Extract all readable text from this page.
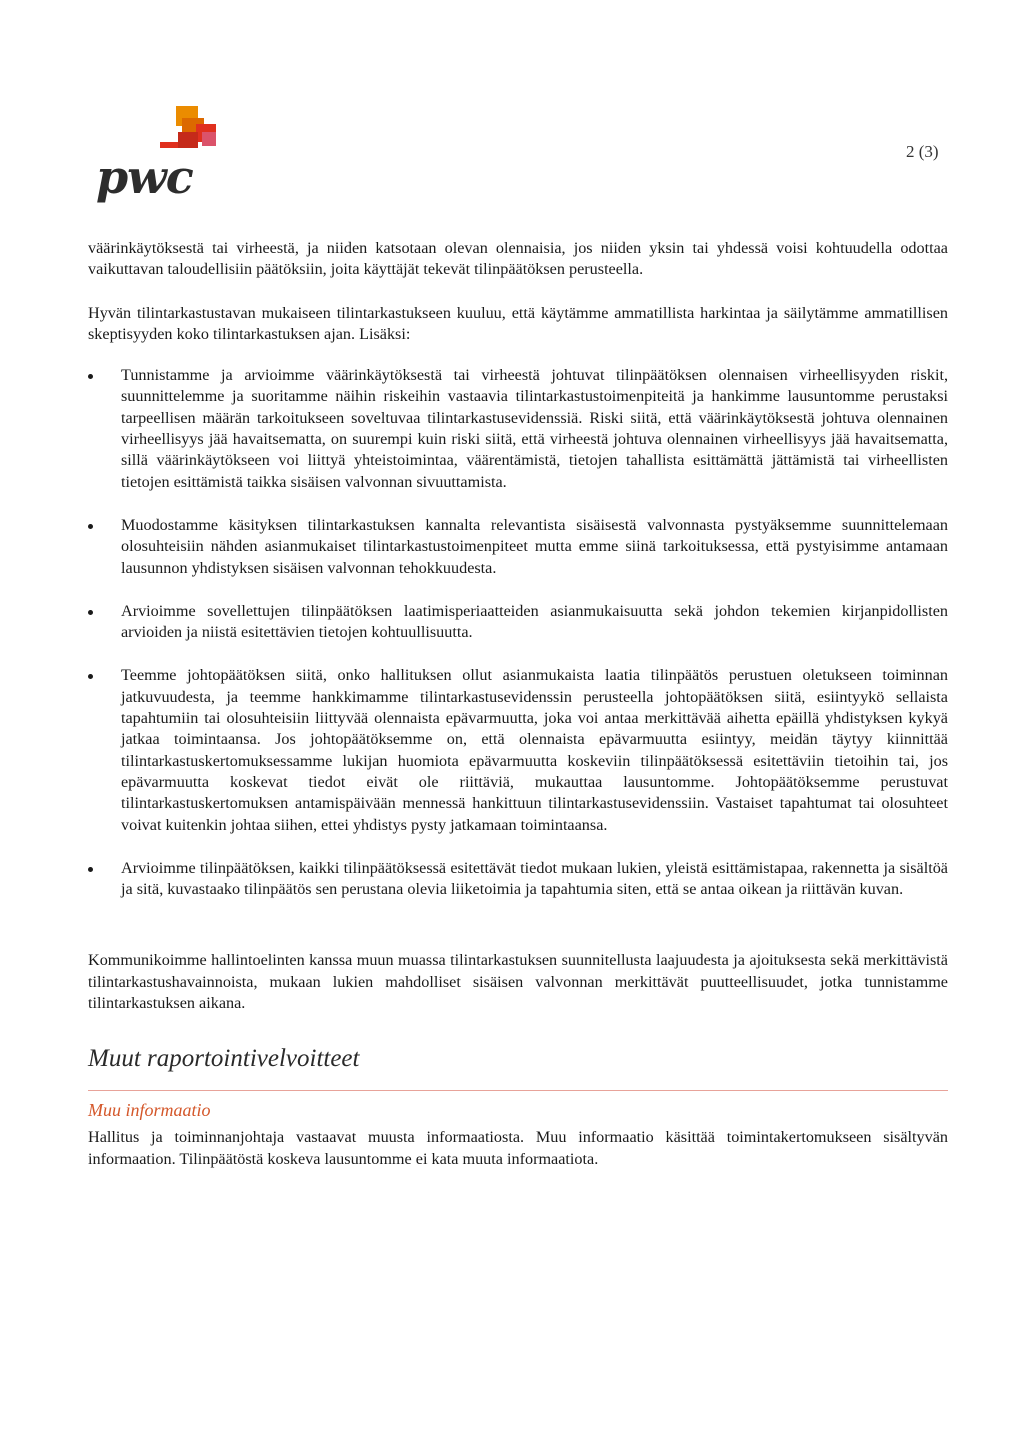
pwc	2 (3)

väärinkäytöksestä tai virheestä, ja niiden katsotaan olevan olennaisia, jos niiden yksin tai yhdessä voisi kohtuudella odottaa vaikuttavan taloudellisiin päätöksiin, joita käyttäjät tekevät tilinpäätöksen perusteella.

Hyvän tilintarkastustavan mukaiseen tilintarkastukseen kuuluu, että käytämme ammatillista harkintaa ja säilytämme ammatillisen skeptisyyden koko tilintarkastuksen ajan. Lisäksi:

Tunnistamme ja arvioimme väärinkäytöksestä tai virheestä johtuvat tilinpäätöksen olennaisen virheellisyyden riskit, suunnittelemme ja suoritamme näihin riskeihin vastaavia tilintarkastustoimenpiteitä ja hankimme lausuntomme perustaksi tarpeellisen määrän tarkoitukseen soveltuvaa tilintarkastusevidenssiä. Riski siitä, että väärinkäytöksestä johtuva olennainen virheellisyys jää havaitsematta, on suurempi kuin riski siitä, että virheestä johtuva olennainen virheellisyys jää havaitsematta, sillä väärinkäytökseen voi liittyä yhteistoimintaa, väärentämistä, tietojen tahallista esittämättä jättämistä tai virheellisten tietojen esittämistä taikka sisäisen valvonnan sivuuttamista.
Muodostamme käsityksen tilintarkastuksen kannalta relevantista sisäisestä valvonnasta pystyäksemme suunnittelemaan olosuhteisiin nähden asianmukaiset tilintarkastustoimenpiteet mutta emme siinä tarkoituksessa, että pystyisimme antamaan lausunnon yhdistyksen sisäisen valvonnan tehokkuudesta.
Arvioimme sovellettujen tilinpäätöksen laatimisperiaatteiden asianmukaisuutta sekä johdon tekemien kirjanpidollisten arvioiden ja niistä esitettävien tietojen kohtuullisuutta.
Teemme johtopäätöksen siitä, onko hallituksen ollut asianmukaista laatia tilinpäätös perustuen oletukseen toiminnan jatkuvuudesta, ja teemme hankkimamme tilintarkastusevidenssin perusteella johtopäätöksen siitä, esiintyykö sellaista tapahtumiin tai olosuhteisiin liittyvää olennaista epävarmuutta, joka voi antaa merkittävää aihetta epäillä yhdistyksen kykyä jatkaa toimintaansa. Jos johtopäätöksemme on, että olennaista epävarmuutta esiintyy, meidän täytyy kiinnittää tilintarkastuskertomuksessamme lukijan huomiota epävarmuutta koskeviin tilinpäätöksessä esitettäviin tietoihin tai, jos epävarmuutta koskevat tiedot eivät ole riittäviä, mukauttaa lausuntomme. Johtopäätöksemme perustuvat tilintarkastuskertomuksen antamispäivään mennessä hankittuun tilintarkastusevidenssiin. Vastaiset tapahtumat tai olosuhteet voivat kuitenkin johtaa siihen, ettei yhdistys pysty jatkamaan toimintaansa.
Arvioimme tilinpäätöksen, kaikki tilinpäätöksessä esitettävät tiedot mukaan lukien, yleistä esittämistapaa, rakennetta ja sisältöä ja sitä, kuvastaako tilinpäätös sen perustana olevia liiketoimia ja tapahtumia siten, että se antaa oikean ja riittävän kuvan.

Kommunikoimme hallintoelinten kanssa muun muassa tilintarkastuksen suunnitellusta laajuudesta ja ajoituksesta sekä merkittävistä tilintarkastushavainnoista, mukaan lukien mahdolliset sisäisen valvonnan merkittävät puutteellisuudet, jotka tunnistamme tilintarkastuksen aikana.

Muut raportointivelvoitteet
Muu informaatio

Hallitus ja toiminnanjohtaja vastaavat muusta informaatiosta. Muu informaatio käsittää toimintakertomukseen sisältyvän informaation. Tilinpäätöstä koskeva lausuntomme ei kata muuta informaatiota.
